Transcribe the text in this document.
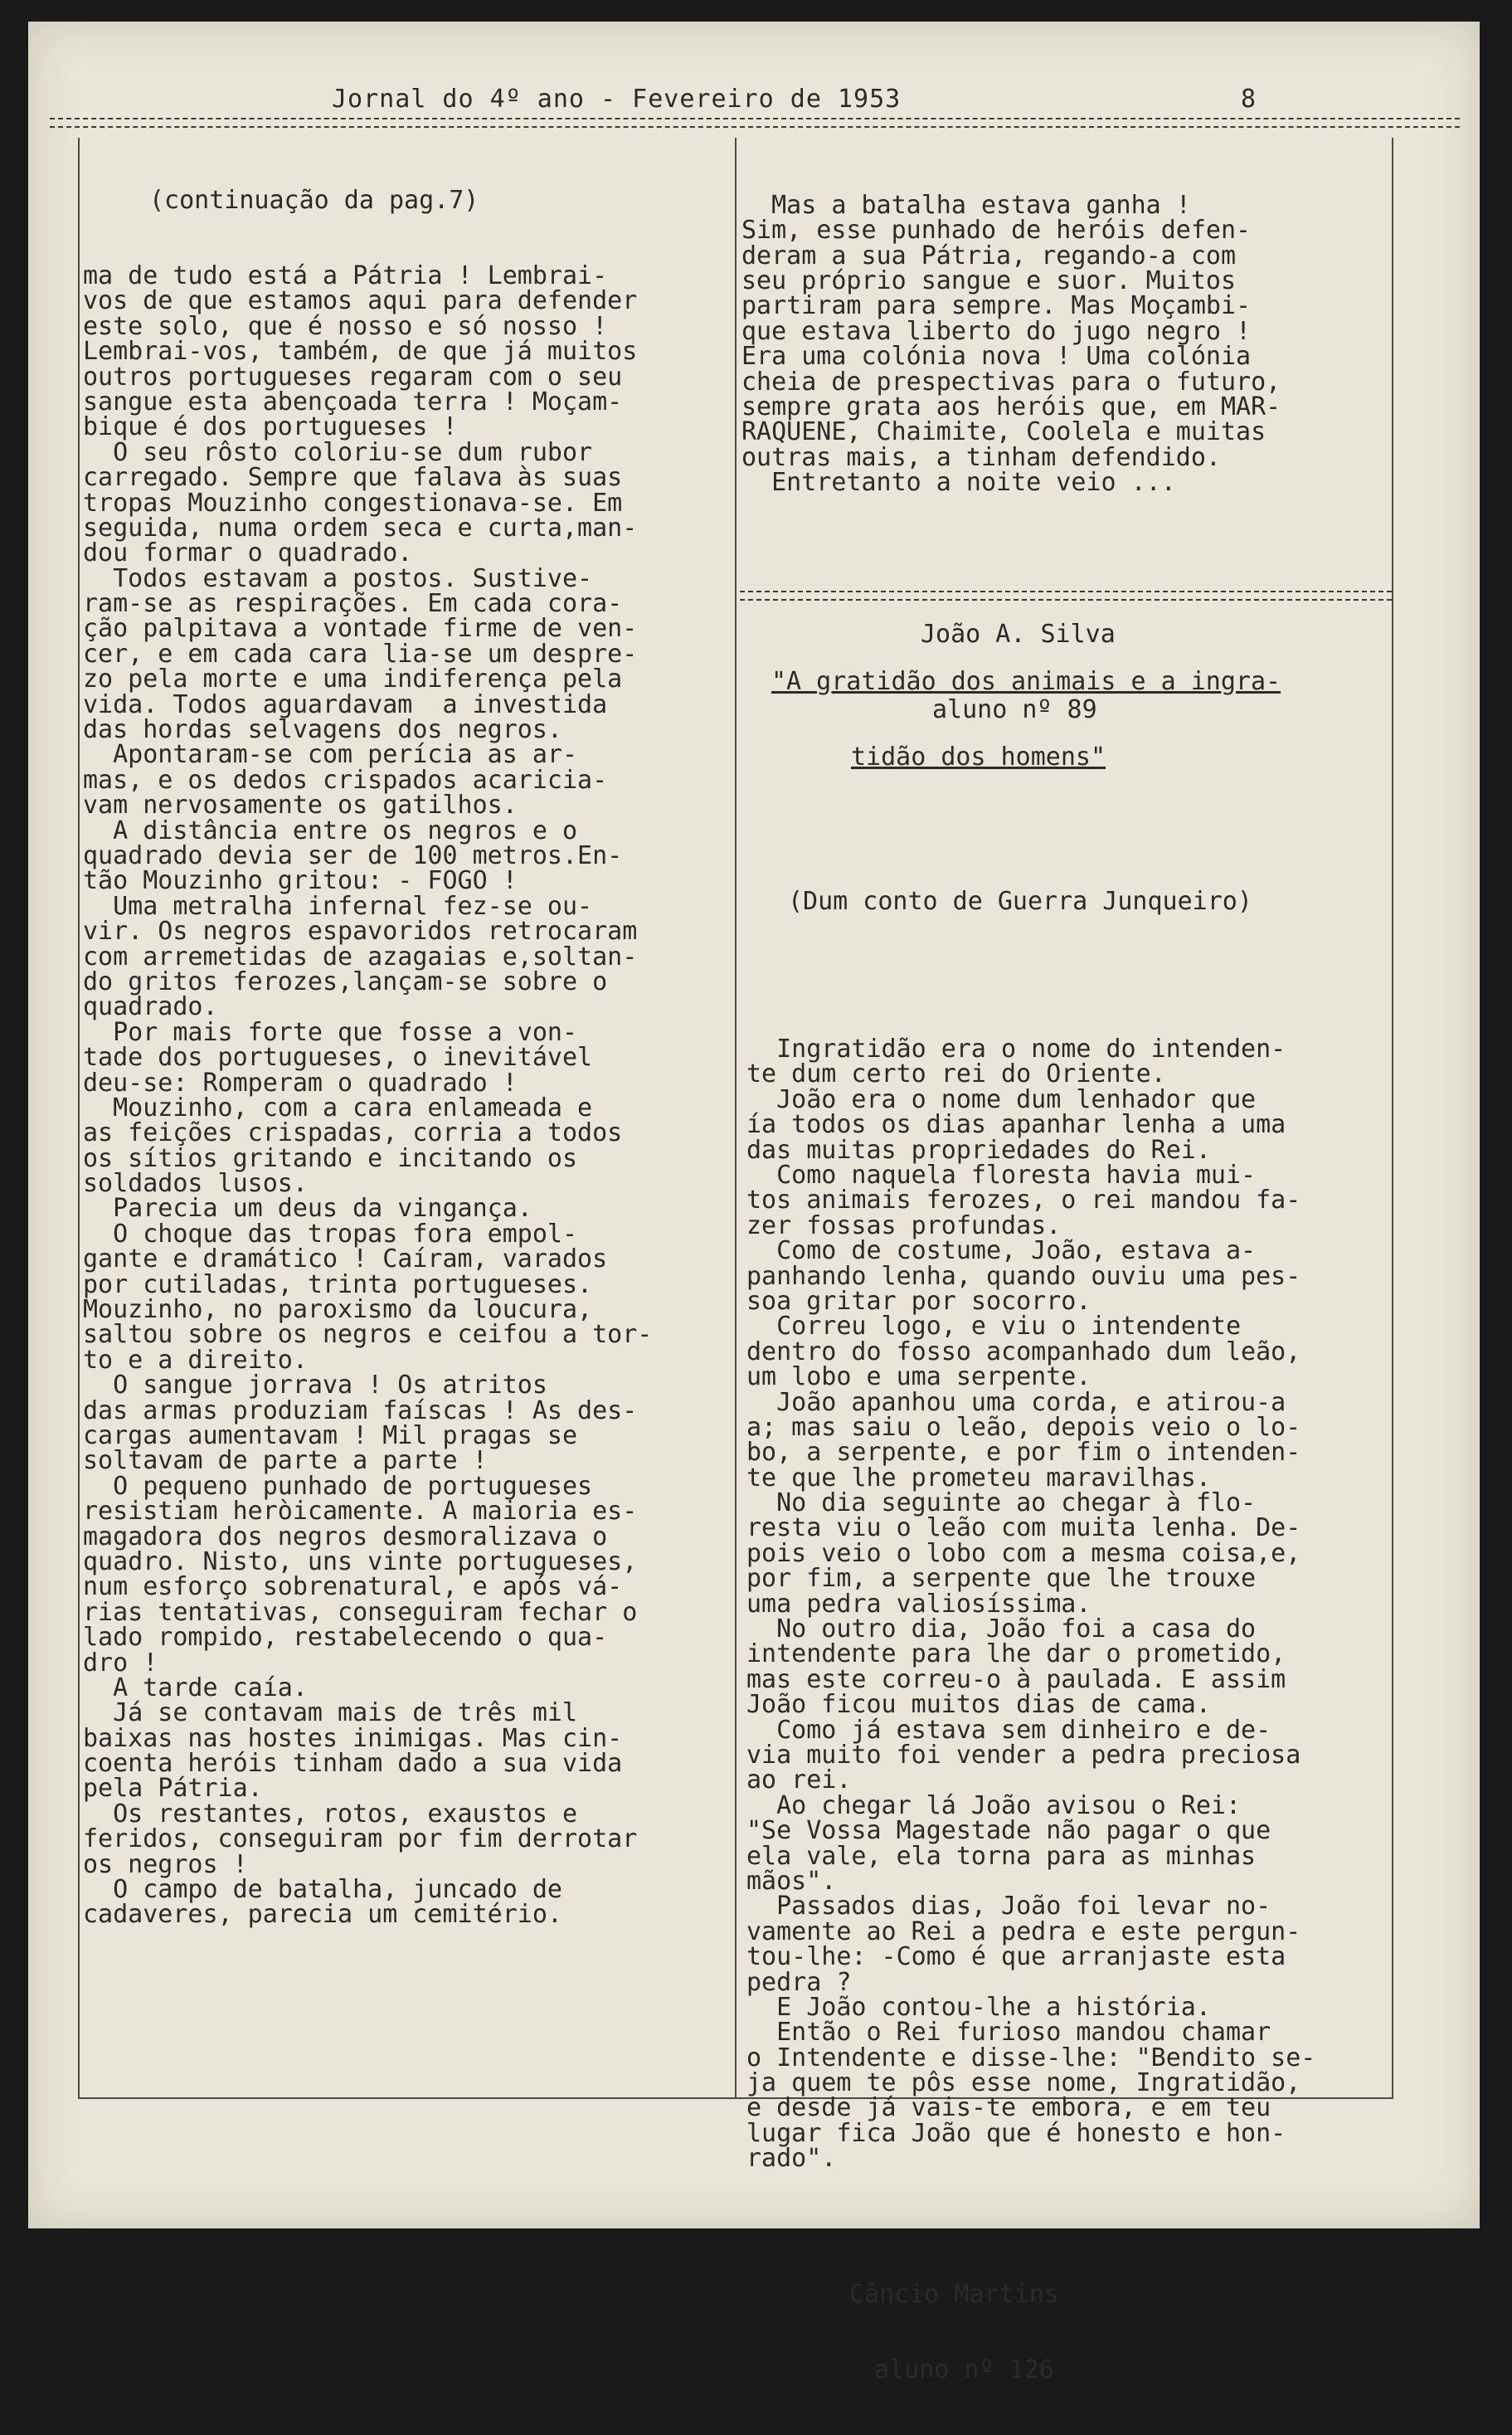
Jornal do 4º ano - Fevereiro de 1953	8

(continuação da pag.7)

ma de tudo está a Pátria ! Lembrai-
vos de que estamos aqui para defender
este solo, que é nosso e só nosso !
Lembrai-vos, também, de que já muitos
outros portugueses regaram com o seu
sangue esta abençoada terra ! Moçam-
bique é dos portugueses !
O seu rôsto coloriu-se dum rubor
carregado. Sempre que falava às suas
tropas Mouzinho congestionava-se. Em
seguida, numa ordem seca e curta,man-
dou formar o quadrado.
Todos estavam a postos. Sustive-
ram-se as respirações. Em cada cora-
ção palpitava a vontade firme de ven-
cer, e em cada cara lia-se um despre-
zo pela morte e uma indiferença pela
vida. Todos aguardavam  a investida
das hordas selvagens dos negros.
Apontaram-se com perícia as ar-
mas, e os dedos crispados acaricia-
vam nervosamente os gatilhos.
A distância entre os negros e o
quadrado devia ser de 100 metros.En-
tão Mouzinho gritou: - FOGO !
Uma metralha infernal fez-se ou-
vir. Os negros espavoridos retrocaram
com arremetidas de azagaias e,soltan-
do gritos ferozes,lançam-se sobre o
quadrado.
Por mais forte que fosse a von-
tade dos portugueses, o inevitável
deu-se: Romperam o quadrado !
Mouzinho, com a cara enlameada e
as feições crispadas, corria a todos
os sítios gritando e incitando os
soldados lusos.
Parecia um deus da vingança.
O choque das tropas fora empol-
gante e dramático ! Caíram, varados
por cutiladas, trinta portugueses.
Mouzinho, no paroxismo da loucura,
saltou sobre os negros e ceifou a tor-
to e a direito.
O sangue jorrava ! Os atritos
das armas produziam faíscas ! As des-
cargas aumentavam ! Mil pragas se
soltavam de parte a parte !
O pequeno punhado de portugueses
resistiam heròicamente. A maioria es-
magadora dos negros desmoralizava o
quadro. Nisto, uns vinte portugueses,
num esforço sobrenatural, e após vá-
rias tentativas, conseguiram fechar o
lado rompido, restabelecendo o qua-
dro !
A tarde caía.
Já se contavam mais de três mil
baixas nas hostes inimigas. Mas cin-
coenta heróis tinham dado a sua vida
pela Pátria.
Os restantes, rotos, exaustos e
feridos, conseguiram por fim derrotar
os negros !
O campo de batalha, juncado de
cadaveres, parecia um cemitério.

Mas a batalha estava ganha !
Sim, esse punhado de heróis defen-
deram a sua Pátria, regando-a com
seu próprio sangue e suor. Muitos
partiram para sempre. Mas Moçambi-
que estava liberto do jugo negro !
Era uma colónia nova ! Uma colónia
cheia de prespectivas para o futuro,
sempre grata aos heróis que, em MAR-
RAQUENE, Chaimite, Coolela e muitas
outras mais, a tinham defendido.
Entretanto a noite veio ...

João A. Silva

aluno nº 89

"A gratidão dos animais e a ingra-

tidão dos homens"

(Dum conto de Guerra Junqueiro)

Ingratidão era o nome do intenden-
te dum certo rei do Oriente.
João era o nome dum lenhador que
ía todos os dias apanhar lenha a uma
das muitas propriedades do Rei.
Como naquela floresta havia mui-
tos animais ferozes, o rei mandou fa-
zer fossas profundas.
Como de costume, João, estava a-
panhando lenha, quando ouviu uma pes-
soa gritar por socorro.
Correu logo, e viu o intendente
dentro do fosso acompanhado dum leão,
um lobo e uma serpente.
João apanhou uma corda, e atirou-a
a; mas saiu o leão, depois veio o lo-
bo, a serpente, e por fim o intenden-
te que lhe prometeu maravilhas.
No dia seguinte ao chegar à flo-
resta viu o leão com muita lenha. De-
pois veio o lobo com a mesma coisa,e,
por fim, a serpente que lhe trouxe
uma pedra valiosíssima.
No outro dia, João foi a casa do
intendente para lhe dar o prometido,
mas este correu-o à paulada. E assim
João ficou muitos dias de cama.
Como já estava sem dinheiro e de-
via muito foi vender a pedra preciosa
ao rei.
Ao chegar lá João avisou o Rei:
"Se Vossa Magestade não pagar o que
ela vale, ela torna para as minhas
mãos".
Passados dias, João foi levar no-
vamente ao Rei a pedra e este pergun-
tou-lhe: -Como é que arranjaste esta
pedra ?
E João contou-lhe a história.
Então o Rei furioso mandou chamar
o Intendente e disse-lhe: "Bendito se-
ja quem te pôs esse nome, Ingratidão,
e desde já vais-te embora, e em teu
lugar fica João que é honesto e hon-
rado".

Câncio Martins

aluno nº 126
